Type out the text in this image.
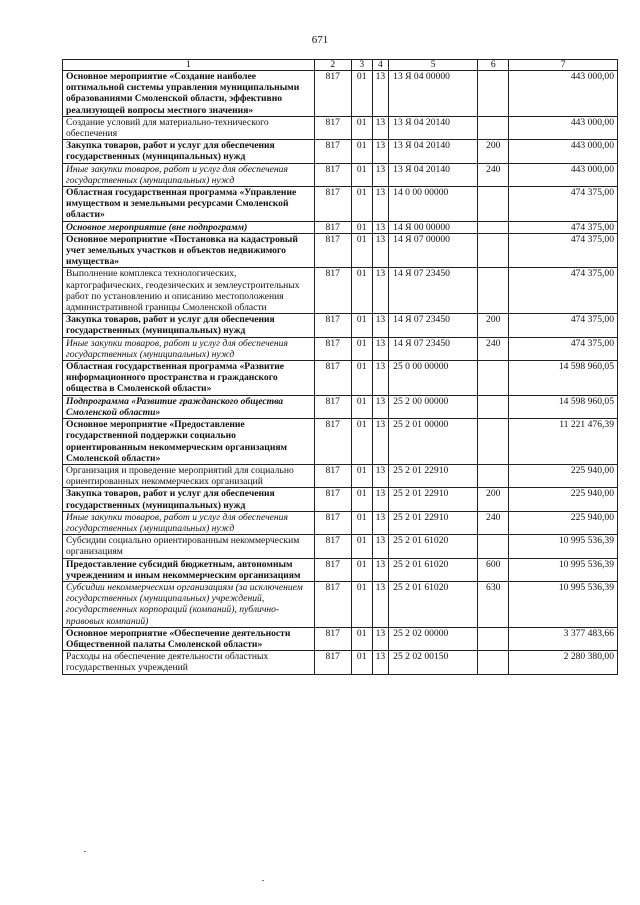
671
1	2	3	4	5	6	7
Основное мероприятие «Создание наиболее оптимальной системы управления муниципальными образованиями Смоленской области, эффективно реализующей вопросы местного значения»	817	01	13	13 Я 04 00000		443 000,00
Создание условий для материально-технического обеспечения	817	01	13	13 Я 04 20140		443 000,00
Закупка товаров, работ и услуг для обеспечения государственных (муниципальных) нужд	817	01	13	13 Я 04 20140	200	443 000,00
Иные закупки товаров, работ и услуг для обеспечения государственных (муниципальных) нужд	817	01	13	13 Я 04 20140	240	443 000,00
Областная государственная программа «Управление имуществом и земельными ресурсами Смоленской области»	817	01	13	14 0 00 00000		474 375,00
Основное мероприятие (вне подпрограмм)	817	01	13	14 Я 00 00000		474 375,00
Основное мероприятие «Постановка на кадастровый учет земельных участков и объектов недвижимого имущества»	817	01	13	14 Я 07 00000		474 375,00
Выполнение комплекса технологических, картографических, геодезических и землеустроительных работ по установлению и описанию местоположения административной границы Смоленской области	817	01	13	14 Я 07 23450		474 375,00
Закупка товаров, работ и услуг для обеспечения государственных (муниципальных) нужд	817	01	13	14 Я 07 23450	200	474 375,00
Иные закупки товаров, работ и услуг для обеспечения государственных (муниципальных) нужд	817	01	13	14 Я 07 23450	240	474 375,00
Областная государственная программа «Развитие информационного пространства и гражданского общества в Смоленской области»	817	01	13	25 0 00 00000		14 598 960,05
Подпрограмма «Развитие гражданского общества Смоленской области»	817	01	13	25 2 00 00000		14 598 960,05
Основное мероприятие «Предоставление государственной поддержки социально ориентированным некоммерческим организациям Смоленской области»	817	01	13	25 2 01 00000		11 221 476,39
Организация и проведение мероприятий для социально ориентированных некоммерческих организаций	817	01	13	25 2 01 22910		225 940,00
Закупка товаров, работ и услуг для обеспечения государственных (муниципальных) нужд	817	01	13	25 2 01 22910	200	225 940,00
Иные закупки товаров, работ и услуг для обеспечения государственных (муниципальных) нужд	817	01	13	25 2 01 22910	240	225 940,00
Субсидии социально ориентированным некоммерческим организациям	817	01	13	25 2 01 61020		10 995 536,39
Предоставление субсидий бюджетным, автономным учреждениям и иным некоммерческим организациям	817	01	13	25 2 01 61020	600	10 995 536,39
Субсидии некоммерческим организациям (за исключением государственных (муниципальных) учреждений, государственных корпораций (компаний), публично-правовых компаний)	817	01	13	25 2 01 61020	630	10 995 536,39
Основное мероприятие «Обеспечение деятельности Общественной палаты Смоленской области»	817	01	13	25 2 02 00000		3 377 483,66
Расходы на обеспечение деятельности областных государственных учреждений	817	01	13	25 2 02 00150		2 280 380,00
